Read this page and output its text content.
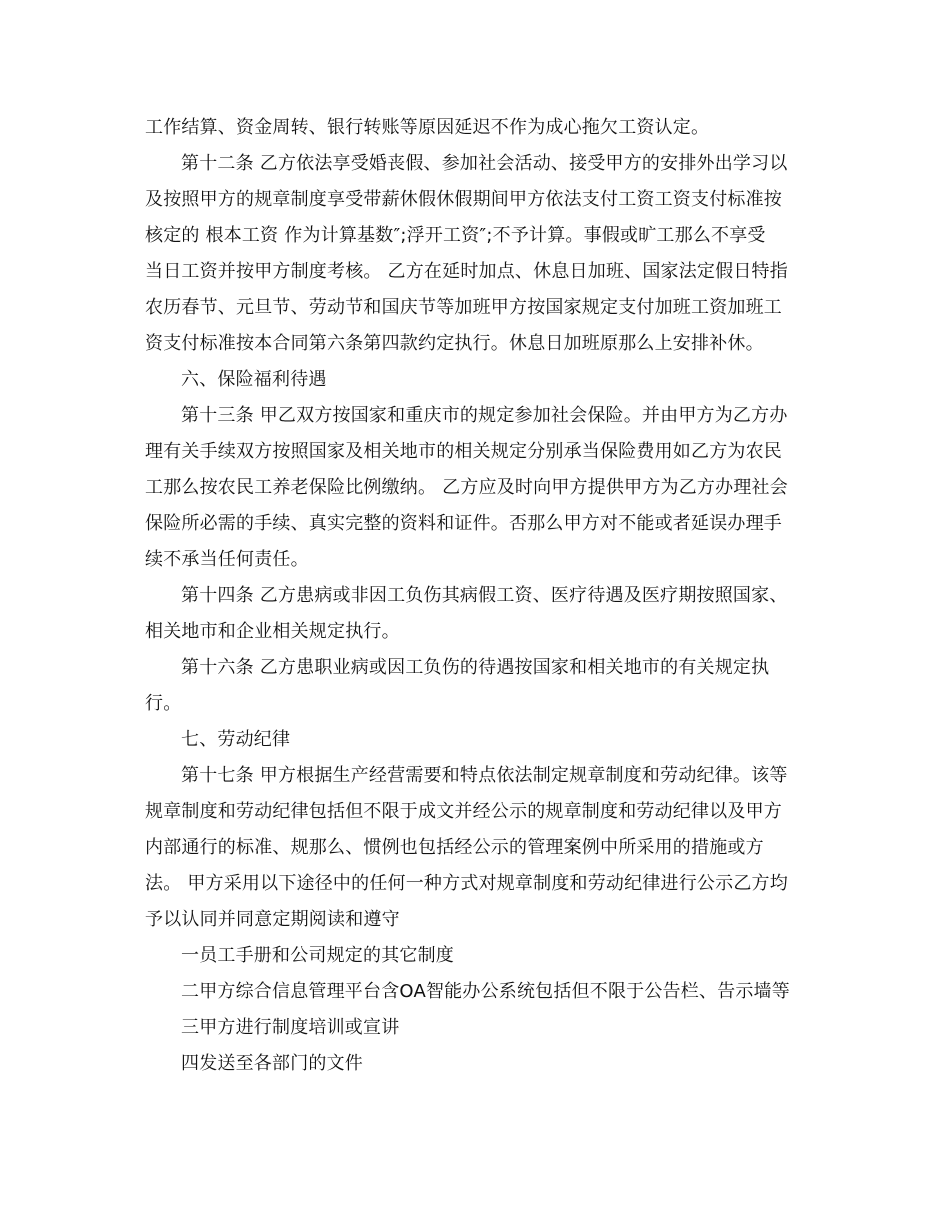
工作结算、资金周转、银行转账等原因延迟不作为成心拖欠工资认定。
第十二条 乙方依法享受婚丧假、参加社会活动、接受甲方的安排外出学习以
及按照甲方的规章制度享受带薪休假休假期间甲方依法支付工资工资支付标准按
核定的 根本工资 作为计算基数″;浮开工资″;不予计算。事假或旷工那么不享受
当日工资并按甲方制度考核。 乙方在延时加点、休息日加班、国家法定假日特指
农历春节、元旦节、劳动节和国庆节等加班甲方按国家规定支付加班工资加班工
资支付标准按本合同第六条第四款约定执行。休息日加班原那么上安排补休。
六、保险福利待遇
第十三条 甲乙双方按国家和重庆市的规定参加社会保险。并由甲方为乙方办
理有关手续双方按照国家及相关地市的相关规定分别承当保险费用如乙方为农民
工那么按农民工养老保险比例缴纳。 乙方应及时向甲方提供甲方为乙方办理社会
保险所必需的手续、真实完整的资料和证件。否那么甲方对不能或者延误办理手
续不承当任何责任。
第十四条 乙方患病或非因工负伤其病假工资、医疗待遇及医疗期按照国家、
相关地市和企业相关规定执行。
第十六条 乙方患职业病或因工负伤的待遇按国家和相关地市的有关规定执
行。
七、劳动纪律
第十七条 甲方根据生产经营需要和特点依法制定规章制度和劳动纪律。该等
规章制度和劳动纪律包括但不限于成文并经公示的规章制度和劳动纪律以及甲方
内部通行的标准、规那么、惯例也包括经公示的管理案例中所采用的措施或方
法。 甲方采用以下途径中的任何一种方式对规章制度和劳动纪律进行公示乙方均
予以认同并同意定期阅读和遵守
一员工手册和公司规定的其它制度
二甲方综合信息管理平台含OA智能办公系统包括但不限于公告栏、告示墙等
三甲方进行制度培训或宣讲
四发送至各部门的文件
